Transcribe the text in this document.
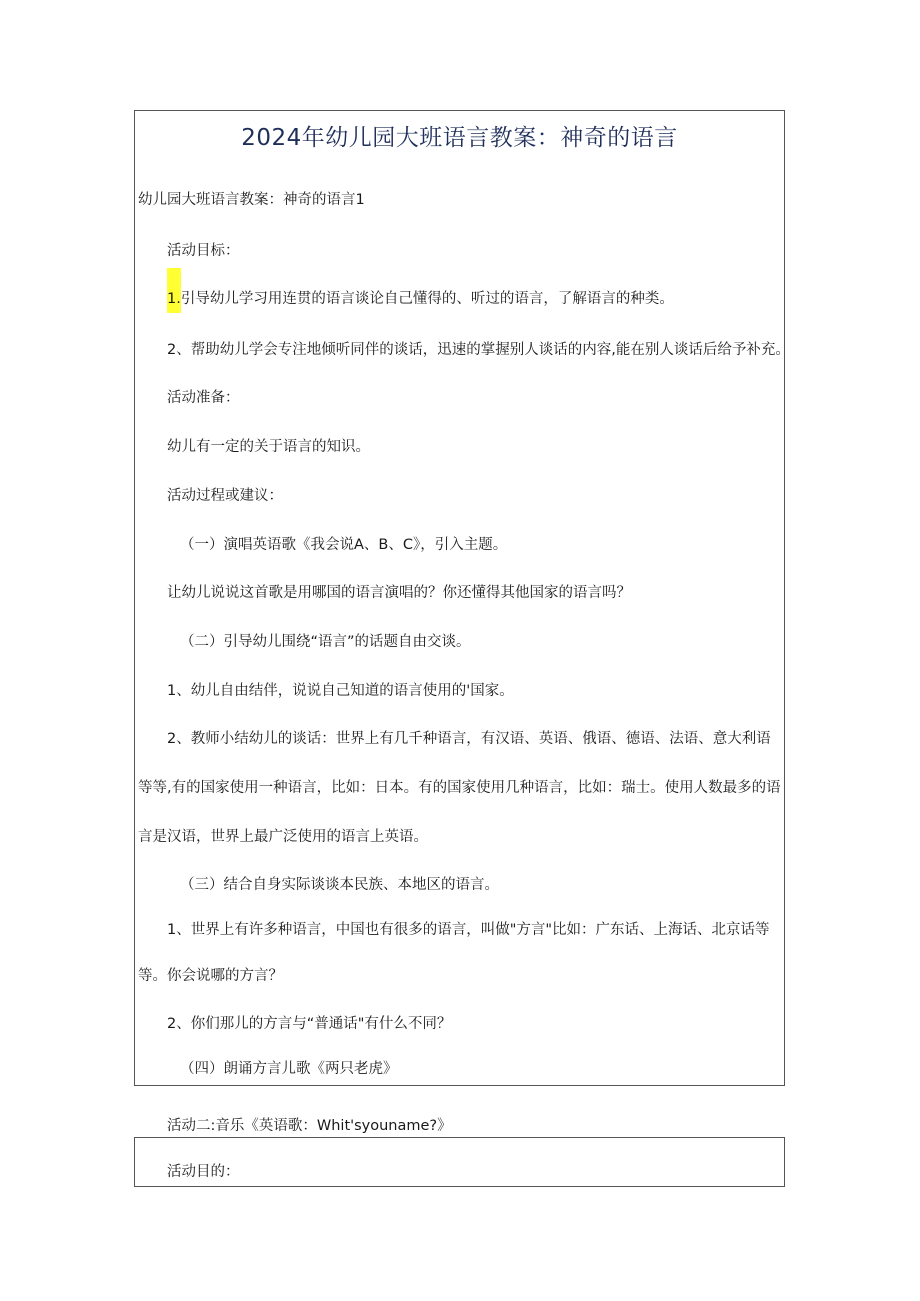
2024年幼儿园大班语言教案：神奇的语言

幼儿园大班语言教案：神奇的语言1

活动目标：

1.引导幼儿学习用连贯的语言谈论自己懂得的、听过的语言，了解语言的种类。

2、帮助幼儿学会专注地倾听同伴的谈话，迅速的掌握别人谈话的内容,能在别人谈话后给予补充。

活动准备：

幼儿有一定的关于语言的知识。

活动过程或建议：

（一）演唱英语歌《我会说A、B、C》，引入主题。

让幼儿说说这首歌是用哪国的语言演唱的？你还懂得其他国家的语言吗？

（二）引导幼儿围绕“语言”的话题自由交谈。

1、幼儿自由结伴，说说自己知道的语言使用的'国家。

2、教师小结幼儿的谈话：世界上有几千种语言，有汉语、英语、俄语、德语、法语、意大利语

等等,有的国家使用一种语言，比如：日本。有的国家使用几种语言，比如：瑞士。使用人数最多的语

言是汉语，世界上最广泛使用的语言上英语。

（三）结合自身实际谈谈本民族、本地区的语言。

1、世界上有许多种语言，中国也有很多的语言，叫做"方言"比如：广东话、上海话、北京话等

等。你会说哪的方言？

2、你们那儿的方言与“普通话"有什么不同？

（四）朗诵方言儿歌《两只老虎》

活动二:音乐《英语歌：Whit'syouname?》

活动目的：
